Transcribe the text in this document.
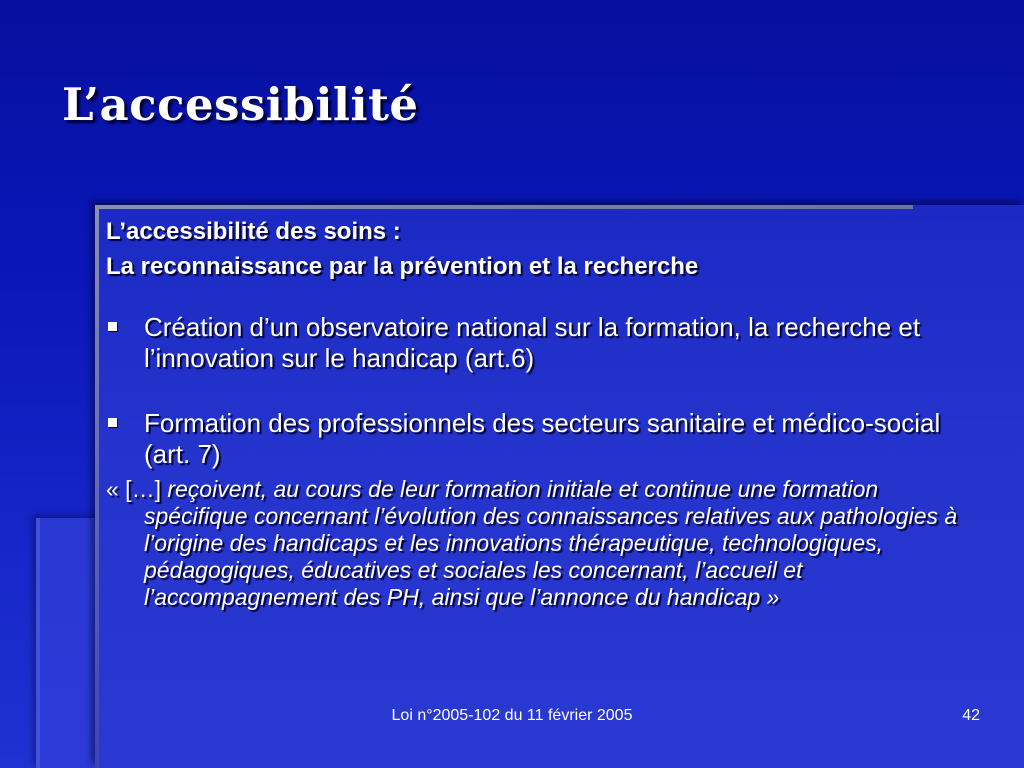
L’accessibilité

L’accessibilité des soins :

La reconnaissance par la prévention et la recherche

Création d’un observatoire national sur la formation, la recherche et l’innovation sur le handicap (art.6)
Formation des professionnels des secteurs sanitaire et médico-social (art. 7)

« […] reçoivent, au cours de leur formation initiale et continue une formation spécifique concernant l’évolution des connaissances relatives aux pathologies à l’origine des handicaps et les innovations thérapeutique, technologiques, pédagogiques, éducatives et sociales les concernant, l’accueil et l’accompagnement des PH, ainsi que l’annonce du handicap »

Loi n°2005-102 du 11 février 2005	42
